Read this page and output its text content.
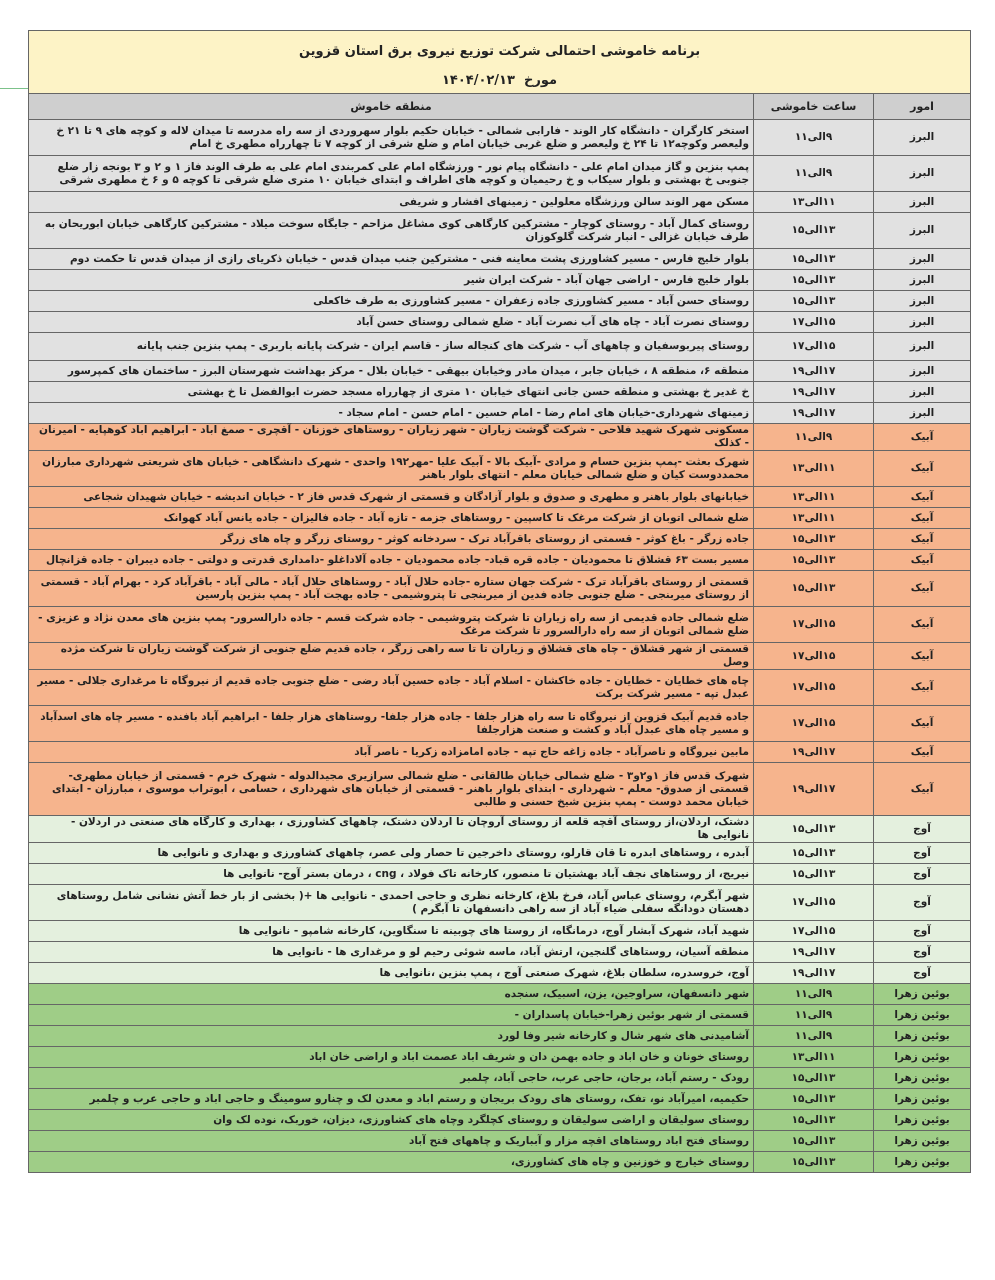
برنامه خاموشی احتمالی شرکت توزیع نیروی برق استان قزوین		
مورخ  ۱۴۰۴/۰۲/۱۳		
امور	ساعت خاموشی	منطقه خاموش
البرز	۹الی۱۱	استخر کارگران - دانشگاه کار الوند - فارابی شمالی - خیابان حکیم بلوار سهروردی از سه راه مدرسه تا میدان لاله و کوچه های ۹ تا ۲۱ خ ولیعصر وکوچه۱۲ تا ۲۴ خ ولیعصر و ضلع غربی خیابان امام و ضلع شرقی از کوچه ۷ تا چهارراه مطهری خ امام
البرز	۹الی۱۱	پمپ بنزین و گاز میدان امام علی - دانشگاه پیام نور - ورزشگاه امام علی کمربندی امام علی به طرف الوند فاز ۱ و ۲ و ۳ یونجه زار ضلع جنوبی خ بهشتی و بلوار سیکاب و خ رحیمیان و کوچه های اطراف و ابتدای خیابان ۱۰ متری ضلع شرقی تا کوچه ۵ و ۶ خ مطهری شرقی
البرز	۱۱الی۱۳	مسکن مهر الوند سالن ورزشگاه معلولین - زمینهای افشار و شریفی
البرز	۱۳الی۱۵	روستای کمال آباد - روستای کوچار - مشترکین کارگاهی کوی مشاغل مزاحم - جایگاه سوخت میلاد - مشترکین کارگاهی خیابان ابوریحان به طرف خیابان غزالی - انبار شرکت گلوکوزان
البرز	۱۳الی۱۵	بلوار خلیج فارس - مسیر کشاورزی پشت معاینه فنی - مشترکین جنب میدان قدس - خیابان ذکریای رازی از میدان قدس تا حکمت دوم
البرز	۱۳الی۱۵	بلوار خلیج فارس - اراضی جهان آباد - شرکت ایران شیر
البرز	۱۳الی۱۵	روستای حسن آباد - مسیر کشاورزی جاده زعفران - مسیر کشاورزی به طرف خاکعلی
البرز	۱۵الی۱۷	روستای نصرت آباد - چاه های آب نصرت آباد - ضلع شمالی روستای حسن آباد
البرز	۱۵الی۱۷	روستای پیربوسفیان و چاههای آب - شرکت های کنجاله ساز - قاسم ایران - شرکت پایانه باربری - پمپ بنزین جنب پایانه
البرز	۱۷الی۱۹	منطقه ۶، منطقه ۸ ، خیابان جابر ، میدان مادر وخیابان بیهقی - خیابان بلال - مرکز بهداشت شهرستان البرز - ساختمان های کمپرسور
البرز	۱۷الی۱۹	خ غدیر خ بهشتی و منطقه حسن جانی انتهای خیابان ۱۰ متری از چهارراه مسجد حضرت ابوالفضل تا خ بهشتی
البرز	۱۷الی۱۹	زمینهای شهرداری-خیابان های امام رضا - امام حسین - امام حسن - امام سجاد -
آبیک	۹الی۱۱	مسکونی شهرک شهید فلاحی - شرکت گوشت زیاران - شهر زیاران - روستاهای خوزنان - آقچری - صمغ اباد - ابراهیم اباد کوهپایه - امیرنان - کذلک
آبیک	۱۱الی۱۳	شهرک بعثت -پمپ بنزین حسام و مرادی -آبیک بالا - آبیک علیا -مهر۱۹۲ واحدی - شهرک دانشگاهی - خیابان های شریعتی شهرداری مبارزان محمددوست کیان و ضلع شمالی خیابان معلم - انتهای بلوار باهنر
آبیک	۱۱الی۱۳	خیابانهای بلوار باهنر و مطهری و صدوق و بلوار آزادگان و قسمتی از شهرک قدس فاز ۲ - خیابان اندیشه - خیابان شهیدان شجاعی
آبیک	۱۱الی۱۳	ضلع شمالی اتوبان از شرکت مرغک تا کاسپین - روستاهای جزمه - تازه آباد - جاده فالیزان - جاده یانس آباد کهوانک
آبیک	۱۳الی۱۵	جاده زرگر - باغ کوثر - قسمتی از روستای باقرآباد ترک - سردخانه کوثر - روستای زرگر و چاه های زرگر
آبیک	۱۳الی۱۵	مسیر بست ۶۳ قشلاق تا محمودیان - جاده قره قباد- جاده محمودیان - جاده آلاداغلو -دامداری قدرتی و دولتی - جاده دیبران - جاده قزانچال
آبیک	۱۳الی۱۵	قسمتی از روستای باقرآباد ترک - شرکت جهان ستاره -جاده حلال آباد - روستاهای حلال آباد - مالی آباد - باقرآباد کرد - بهرام آباد - قسمتی از روستای میربنجی - ضلع جنوبی جاده فدین از میربنجی تا پتروشیمی - جاده بهجت آباد - پمپ بنزین پارسین
آبیک	۱۵الی۱۷	ضلع شمالی جاده قدیمی از سه راه زیاران تا شرکت پتروشیمی - جاده شرکت قسم - جاده دارالسرور- پمپ بنزین های معدن نژاد و عزیزی - ضلع شمالی اتوبان از سه راه دارالسرور تا شرکت مرغک
آبیک	۱۵الی۱۷	قسمتی از شهر قشلاق - چاه های قشلاق و زیاران تا تا سه راهی زرگر ، جاده قدیم ضلع جنوبی از شرکت گوشت زیاران تا شرکت مژده وصل
آبیک	۱۵الی۱۷	چاه های خطایان - خطایان - جاده خاکشان - اسلام آباد - جاده حسین آباد رضی - ضلع جنوبی جاده قدیم از نیروگاه تا مرغداری جلالی - مسیر عبدل تپه - مسیر شرکت برکت
آبیک	۱۵الی۱۷	جاده قدیم آبیک قزوین از نیروگاه تا سه راه هزار جلفا - جاده هزار جلفا- روستاهای هزار جلفا - ابراهیم آباد بافنده - مسیر چاه های اسدآباد و مسیر چاه های عبدل آباد و کشت و صنعت هزارجلفا
آبیک	۱۷الی۱۹	مابین نیروگاه و ناصرآباد - جاده زاغه حاج تپه - جاده امامزاده زکریا - ناصر آباد
آبیک	۱۷الی۱۹	شهرک قدس فاز ۱و۲و۳ - ضلع شمالی خیابان طالقانی - ضلع شمالی سرازیری مجیدالدوله - شهرک خرم - قسمتی از خیابان مطهری- قسمتی از صدوق- معلم - شهرداری - ابتدای بلوار باهنر - قسمتی از خیابان های شهرداری ، حسامی ، ابوتراب موسوی ، مبارزان - ابتدای خیابان محمد دوست - پمپ بنزین شیخ حسنی و طالبی
آوج	۱۳الی۱۵	دشتک، اردلان،از روستای آقچه قلعه از روستای آروچان تا اردلان دشتک، چاههای کشاورزی ، بهداری و کارگاه های صنعتی در اردلان - نانوایی ها
آوج	۱۳الی۱۵	آبدره ، روستاهای ابدره تا قان قارلو، روستای داخرجین تا حصار ولی عصر، چاههای کشاورزی و بهداری و نانوایی ها
آوج	۱۳الی۱۵	نیریج، از روستاهای نجف آباد بهشتیان تا منصور، کارخانه تاک فولاد ، cng ، درمان بستر آوج- نانوایی ها
آوج	۱۵الی۱۷	شهر آبگرم، روستای عباس آباد، فرخ بلاغ، کارخانه نظری و حاجی احمدی - نانوایی ها +( بخشی از بار خط آتش نشانی شامل روستاهای دهستان دودانگه سفلی ضیاء آباد از سه راهی دانسفهان تا آبگرم )
آوج	۱۵الی۱۷	شهید آباد، شهرک آبشار آوج، درمانگاه، از روستا های چوبینه تا سنگاوین، کارخانه شامپو - نانوایی ها
آوج	۱۷الی۱۹	منطقه آسیان، روستاهای گلنجین، ارتش آباد، ماسه شوئی رحیم لو و مرغداری ها - نانوایی ها
آوج	۱۷الی۱۹	آوج، خروسدره، سلطان بلاغ، شهرک صنعتی آوج ، پمپ بنزین ،نانوایی ها
بوئین زهرا	۹الی۱۱	شهر دانسفهان، سراوجین، یزن، اسبیک، سنجده
بوئین زهرا	۹الی۱۱	قسمتی از شهر بوئین زهرا-خیابان پاسداران -
بوئین زهرا	۹الی۱۱	آشامیدنی های شهر شال و کارخانه شیر وفا لورد
بوئین زهرا	۱۱الی۱۳	روستای خونان و خان اباد و جاده بهمن دان و شریف اباد عصمت اباد و اراضی خان اباد
بوئین زهرا	۱۳الی۱۵	رودک - رستم آباد، برجان، حاجی عرب، حاجی آباد، چلمبر
بوئین زهرا	۱۳الی۱۵	حکیمیه، امیرآباد نو، تفک، روستای های رودک بریجان و رستم اباد و معدن لک و چنارو سومینگ و حاجی اباد و حاجی عرب و چلمبر
بوئین زهرا	۱۳الی۱۵	روستای سولیقان و اراضی سولیقان و روستای کچلگرد وچاه های کشاورزی، دیزان، خوربک، نوده لک وان
بوئین زهرا	۱۳الی۱۵	روستای فتح اباد روستاهای اقچه مزار و آبباریک و چاههای فتح آباد
بوئین زهرا	۱۳الی۱۵	روستای خیارج و خوزنین و چاه های کشاورزی،
